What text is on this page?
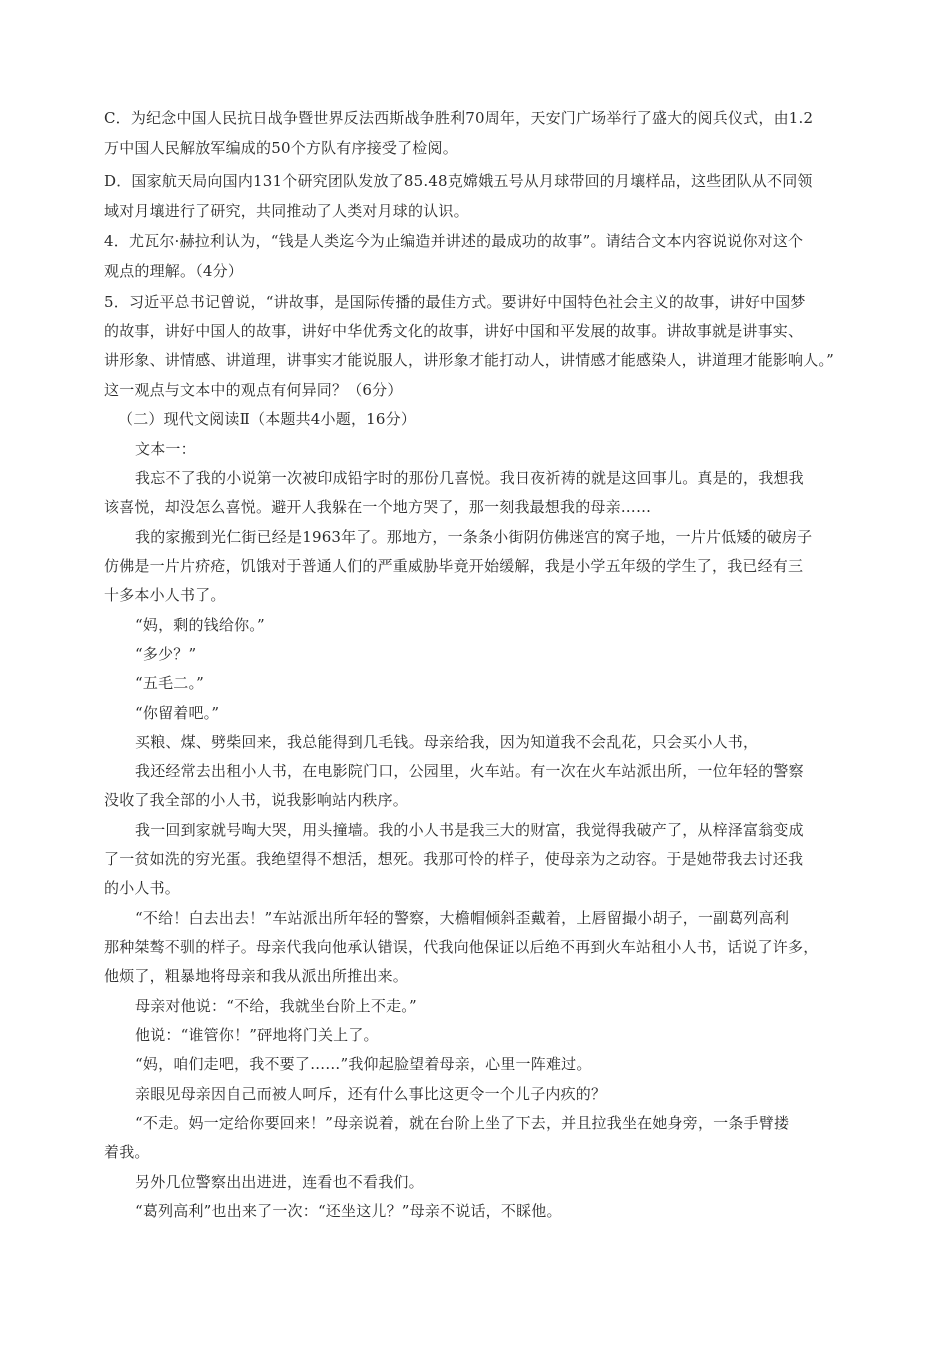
C．为纪念中国人民抗日战争暨世界反法西斯战争胜利70周年，天安门广场举行了盛大的阅兵仪式，由1.2
万中国人民解放军编成的50个方队有序接受了检阅。
D．国家航天局向国内131个研究团队发放了85.48克嫦娥五号从月球带回的月壤样品，这些团队从不同领
域对月壤进行了研究，共同推动了人类对月球的认识。
4．尤瓦尔·赫拉利认为，“钱是人类迄今为止编造并讲述的最成功的故事”。请结合文本内容说说你对这个
观点的理解。（4分）
5．习近平总书记曾说，“讲故事，是国际传播的最佳方式。要讲好中国特色社会主义的故事，讲好中国梦
的故事，讲好中国人的故事，讲好中华优秀文化的故事，讲好中国和平发展的故事。讲故事就是讲事实、
讲形象、讲情感、讲道理，讲事实才能说服人，讲形象才能打动人，讲情感才能感染人，讲道理才能影响人。”
这一观点与文本中的观点有何异同？（6分）
（二）现代文阅读Ⅱ（本题共4小题，16分）
文本一：
我忘不了我的小说第一次被印成铅字时的那份几喜悦。我日夜祈祷的就是这回事儿。真是的，我想我
该喜悦，却没怎么喜悦。避开人我躲在一个地方哭了，那一刻我最想我的母亲……
我的家搬到光仁街已经是1963年了。那地方，一条条小街阴仿佛迷宫的窝子地，一片片低矮的破房子
仿佛是一片片疥疮，饥饿对于普通人们的严重威胁毕竟开始缓解，我是小学五年级的学生了，我已经有三
十多本小人书了。
“妈，剩的钱给你。”
“多少？”
“五毛二。”
“你留着吧。”
买粮、煤、劈柴回来，我总能得到几毛钱。母亲给我，因为知道我不会乱花，只会买小人书，
我还经常去出租小人书，在电影院门口，公园里，火车站。有一次在火车站派出所，一位年轻的警察
没收了我全部的小人书，说我影响站内秩序。
我一回到家就号啕大哭，用头撞墙。我的小人书是我三大的财富，我觉得我破产了，从梓泽富翁变成
了一贫如洗的穷光蛋。我绝望得不想活，想死。我那可怜的样子，使母亲为之动容。于是她带我去讨还我
的小人书。
“不给！白去出去！”车站派出所年轻的警察，大檐帽倾斜歪戴着，上唇留撮小胡子，一副葛列高利
那种桀骜不驯的样子。母亲代我向他承认错误，代我向他保证以后绝不再到火车站租小人书，话说了许多，
他烦了，粗暴地将母亲和我从派出所推出来。
母亲对他说：“不给，我就坐台阶上不走。”
他说：“谁管你！”砰地将门关上了。
“妈，咱们走吧，我不要了……”我仰起脸望着母亲，心里一阵难过。
亲眼见母亲因自己而被人呵斥，还有什么事比这更令一个儿子内疚的？
“不走。妈一定给你要回来！”母亲说着，就在台阶上坐了下去，并且拉我坐在她身旁，一条手臂搂
着我。
另外几位警察出出进进，连看也不看我们。
“葛列高利”也出来了一次：“还坐这儿？”母亲不说话，不睬他。
